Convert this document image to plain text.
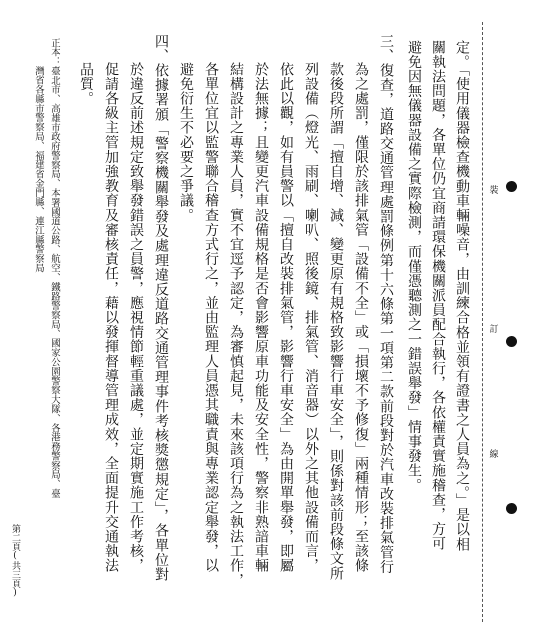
裝
訂
線
定。「使用儀器檢查機動車輛噪音，由訓練合格並領有證書之人員為之。」是以相
關執法問題，各單位仍宜商請環保機關派員配合執行，各依權責實施稽查，方可
避免因無儀器設備之實際檢測，而僅憑聽測之一錯誤舉發」情事發生。
三、復查，道路交通管理處罰條例第十六條第一項第二款前段對於汽車改裝排氣管行
為之處罰，僅限於該排氣管「設備不全」或「損壞不予修復」兩種情形；至該條
款後段所謂「擅自增、減、變更原有規格致影響行車安全」，則係對該前段條文所
列設備（燈光、雨刷、喇叭、照後鏡、排氣管、消音器）以外之其他設備而言，
依此以觀，如有員警以「擅自改裝排氣管，影響行車安全」為由開單舉發，即屬
於法無據；且變更汽車設備規格是否會影響原車功能及安全性，警察非熟諳車輛
結構設計之專業人員，實不宜逕予認定，為審慎起見，未來該項行為之執法工作，
各單位宜以監警聯合稽查方式行之，並由監理人員憑其職責與專業認定舉發，以
避免衍生不必要之爭議。
四、依據署頒「警察機關舉發及處理違反道路交通管理事件考核獎懲規定」，各單位對
於違反前述規定致舉發錯誤之員警，應視情節輕重議處，並定期實施工作考核，
促請各級主管加強教育及審核責任，藉以發揮督導管理成效，全面提升交通執法
品質。
正本：臺北市、高雄市政府警察局、本署國道公路、航空、鐵路警察局、國家公園警察大隊、各港務警察局、臺
灣省各縣市警察局、福建省金門縣、連江縣警察局
第二頁(共三頁)
